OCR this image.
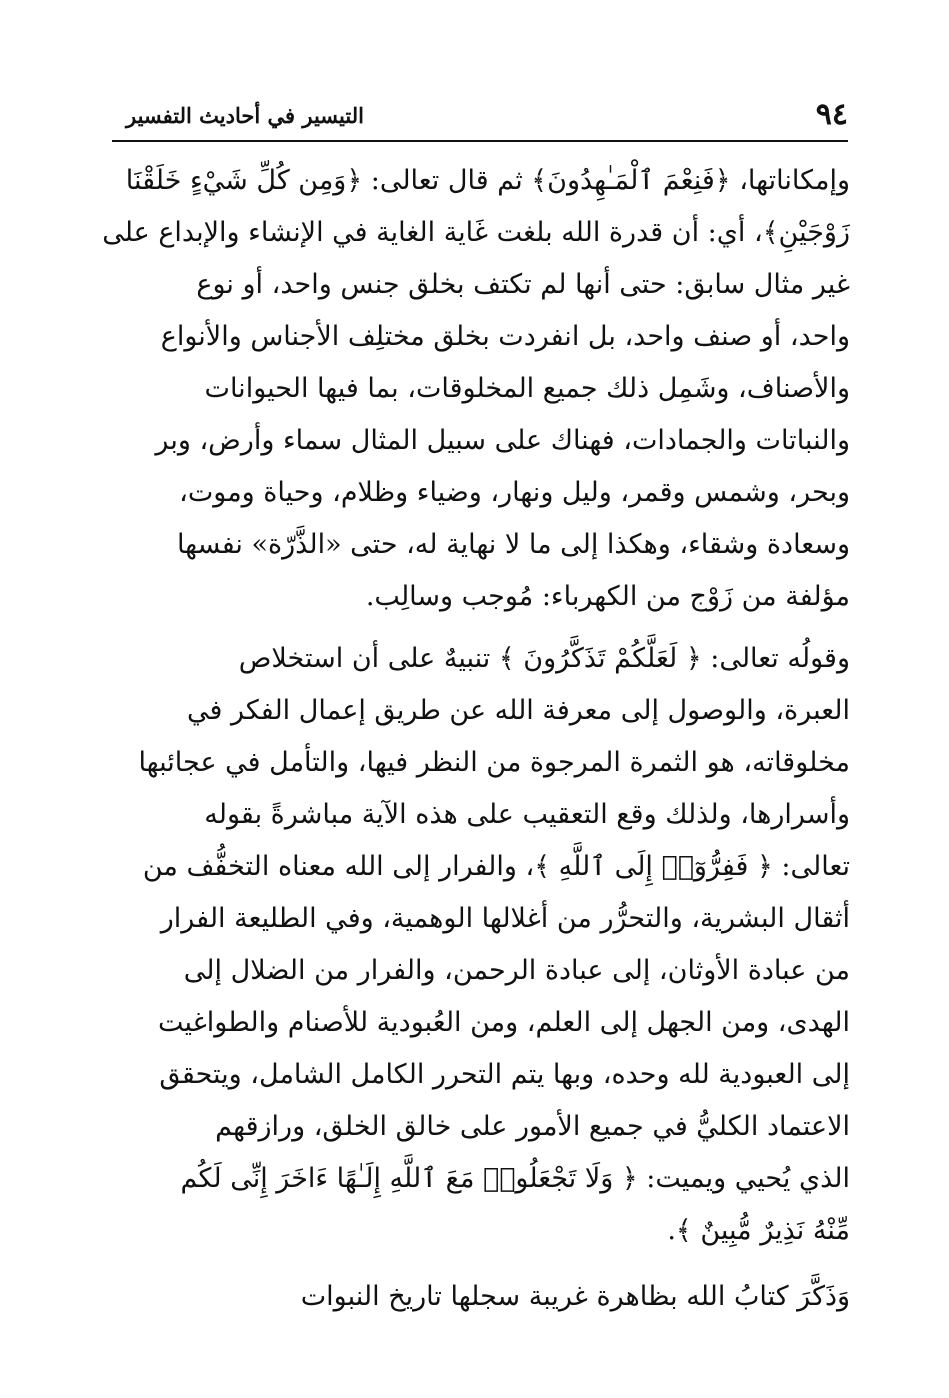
٩٤
التيسير في أحاديث التفسير
وإمكاناتها، ﴿فَنِعْمَ ٱلْمَـٰهِدُونَ﴾ ثم قال تعالى: ﴿وَمِن كُلِّ شَيْءٍ خَلَقْنَا
زَوْجَيْنِ﴾، أي: أن قدرة الله بلغت غَاية الغاية في الإنشاء والإبداع على
غير مثال سابق: حتى أنها لم تكتف بخلق جنس واحد، أو نوع
واحد، أو صنف واحد، بل انفردت بخلق مختلِف الأجناس والأنواع
والأصناف، وشَمِل ذلك جميع المخلوقات، بما فيها الحيوانات
والنباتات والجمادات، فهناك على سبيل المثال سماء وأرض، وبر
وبحر، وشمس وقمر، وليل ونهار، وضياء وظلام، وحياة وموت،
وسعادة وشقاء، وهكذا إلى ما لا نهاية له، حتى «الذَّرّة» نفسها
مؤلفة من زَوْج من الكهرباء: مُوجب وسالِب.
وقولُه تعالى: ﴿ لَعَلَّكُمْ تَذَكَّرُونَ ﴾ تنبيهٌ على أن استخلاص
العبرة، والوصول إلى معرفة الله عن طريق إعمال الفكر في
مخلوقاته، هو الثمرة المرجوة من النظر فيها، والتأمل في عجائبها
وأسرارها، ولذلك وقع التعقيب على هذه الآية مباشرةً بقوله
تعالى: ﴿ فَفِرُّوٓا۟ إِلَى ٱللَّهِ ﴾، والفرار إلى الله معناه التخفُّف من
أثقال البشرية، والتحرُّر من أغلالها الوهمية، وفي الطليعة الفرار
من عبادة الأوثان، إلى عبادة الرحمن، والفرار من الضلال إلى
الهدى، ومن الجهل إلى العلم، ومن العُبودية للأصنام والطواغيت
إلى العبودية لله وحده، وبها يتم التحرر الكامل الشامل، ويتحقق
الاعتماد الكليُّ في جميع الأمور على خالق الخلق، ورازقهم
الذي يُحيي ويميت: ﴿ وَلَا تَجْعَلُوا۟ مَعَ ٱللَّهِ إِلَـٰهًا ءَاخَرَ إِنِّى لَكُم
مِّنْهُ نَذِيرٌ مُّبِينٌ ﴾.
وَذَكَّرَ كتابُ الله بظاهرة غريبة سجلها تاريخ النبوات
